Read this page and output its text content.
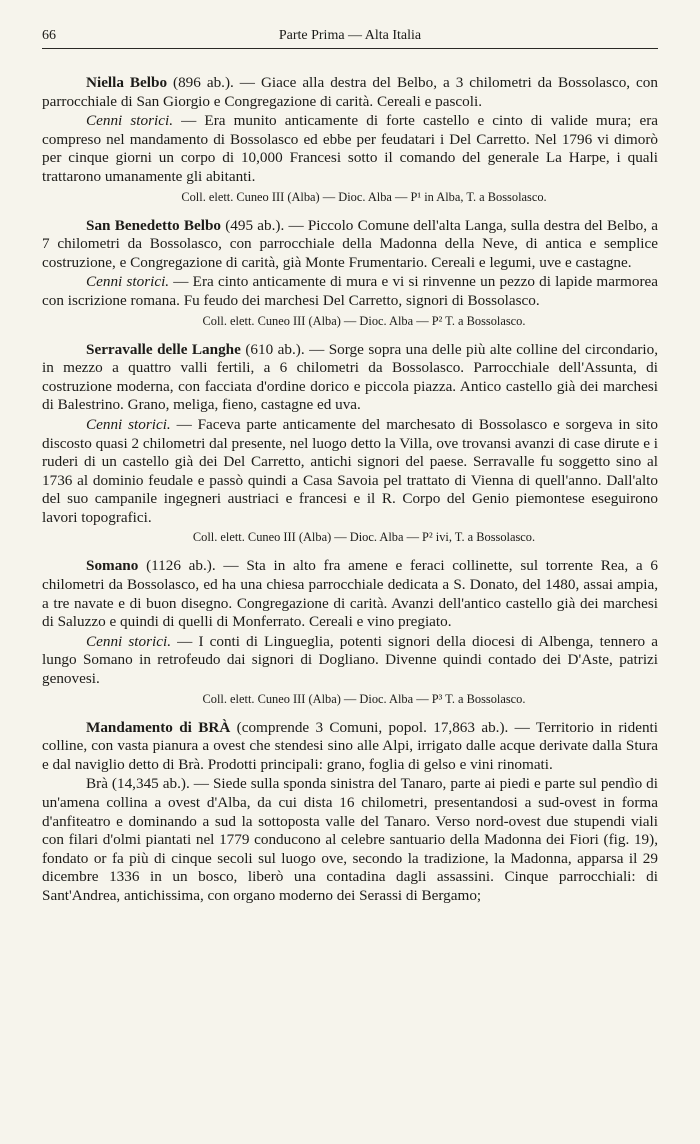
66	Parte Prima — Alta Italia

Niella Belbo (896 ab.). — Giace alla destra del Belbo, a 3 chilometri da Bossolasco, con parrocchiale di San Giorgio e Congregazione di carità. Cereali e pascoli.

Cenni storici. — Era munito anticamente di forte castello e cinto di valide mura; era compreso nel mandamento di Bossolasco ed ebbe per feudatari i Del Carretto. Nel 1796 vi dimorò per cinque giorni un corpo di 10,000 Francesi sotto il comando del generale La Harpe, i quali trattarono umanamente gli abitanti.

Coll. elett. Cuneo III (Alba) — Dioc. Alba — P¹ in Alba, T. a Bossolasco.

San Benedetto Belbo (495 ab.). — Piccolo Comune dell'alta Langa, sulla destra del Belbo, a 7 chilometri da Bossolasco, con parrocchiale della Madonna della Neve, di antica e semplice costruzione, e Congregazione di carità, già Monte Frumentario. Cereali e legumi, uve e castagne.

Cenni storici. — Era cinto anticamente di mura e vi si rinvenne un pezzo di lapide marmorea con iscrizione romana. Fu feudo dei marchesi Del Carretto, signori di Bossolasco.

Coll. elett. Cuneo III (Alba) — Dioc. Alba — P² T. a Bossolasco.

Serravalle delle Langhe (610 ab.). — Sorge sopra una delle più alte colline del circondario, in mezzo a quattro valli fertili, a 6 chilometri da Bossolasco. Parrocchiale dell'Assunta, di costruzione moderna, con facciata d'ordine dorico e piccola piazza. Antico castello già dei marchesi di Balestrino. Grano, meliga, fieno, castagne ed uva.

Cenni storici. — Faceva parte anticamente del marchesato di Bossolasco e sorgeva in sito discosto quasi 2 chilometri dal presente, nel luogo detto la Villa, ove trovansi avanzi di case dirute e i ruderi di un castello già dei Del Carretto, antichi signori del paese. Serravalle fu soggetto sino al 1736 al dominio feudale e passò quindi a Casa Savoia pel trattato di Vienna di quell'anno. Dall'alto del suo campanile ingegneri austriaci e francesi e il R. Corpo del Genio piemontese eseguirono lavori topografici.

Coll. elett. Cuneo III (Alba) — Dioc. Alba — P² ivi, T. a Bossolasco.

Somano (1126 ab.). — Sta in alto fra amene e feraci collinette, sul torrente Rea, a 6 chilometri da Bossolasco, ed ha una chiesa parrocchiale dedicata a S. Donato, del 1480, assai ampia, a tre navate e di buon disegno. Congregazione di carità. Avanzi dell'antico castello già dei marchesi di Saluzzo e quindi di quelli di Monferrato. Cereali e vino pregiato.

Cenni storici. — I conti di Lingueglia, potenti signori della diocesi di Albenga, tennero a lungo Somano in retrofeudo dai signori di Dogliano. Divenne quindi contado dei D'Aste, patrizi genovesi.

Coll. elett. Cuneo III (Alba) — Dioc. Alba — P³ T. a Bossolasco.

Mandamento di BRÀ (comprende 3 Comuni, popol. 17,863 ab.). — Territorio in ridenti colline, con vasta pianura a ovest che stendesi sino alle Alpi, irrigato dalle acque derivate dalla Stura e dal naviglio detto di Brà. Prodotti principali: grano, foglia di gelso e vini rinomati.

Brà (14,345 ab.). — Siede sulla sponda sinistra del Tanaro, parte ai piedi e parte sul pendìo di un'amena collina a ovest d'Alba, da cui dista 16 chilometri, presentandosi a sud-ovest in forma d'anfiteatro e dominando a sud la sottoposta valle del Tanaro. Verso nord-ovest due stupendi viali con filari d'olmi piantati nel 1779 conducono al celebre santuario della Madonna dei Fiori (fig. 19), fondato or fa più di cinque secoli sul luogo ove, secondo la tradizione, la Madonna, apparsa il 29 dicembre 1336 in un bosco, liberò una contadina dagli assassini. Cinque parrocchiali: di Sant'Andrea, antichissima, con organo moderno dei Serassi di Bergamo;
